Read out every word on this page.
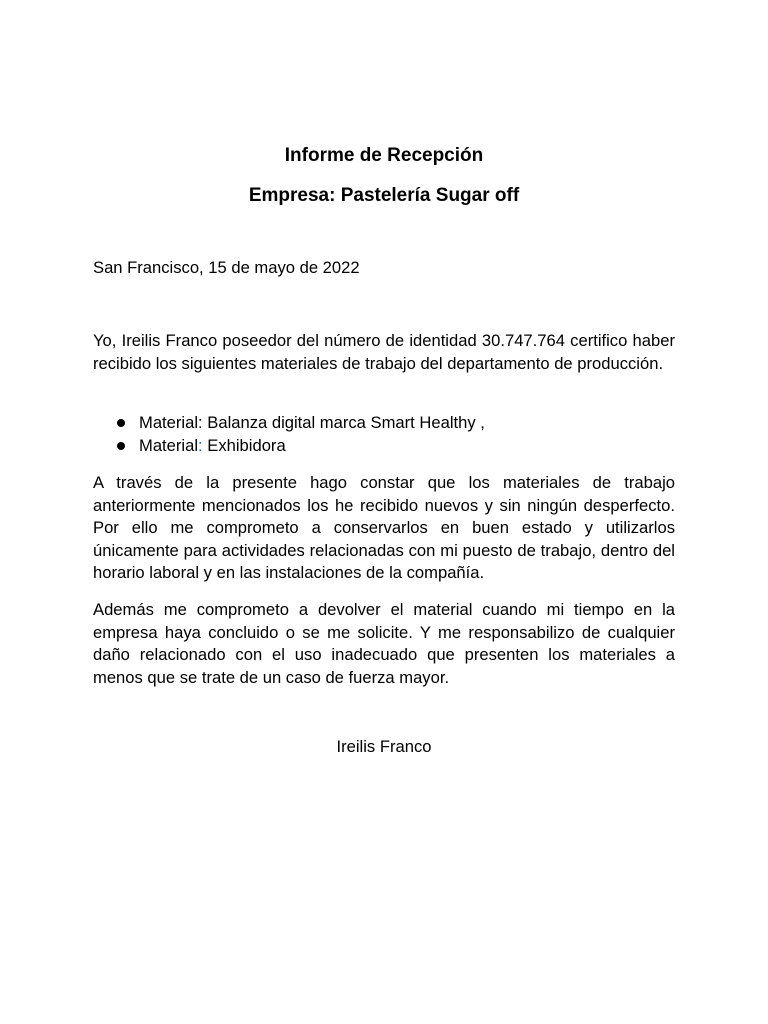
Informe de Recepción
Empresa: Pastelería Sugar off

San Francisco, 15 de mayo de 2022

Yo, Ireilis Franco poseedor del número de identidad 30.747.764 certifico haber recibido los siguientes materiales de trabajo del departamento de producción.

Material: Balanza digital marca Smart Healthy ,
Material: Exhibidora

A través de la presente hago constar que los materiales de trabajo anteriormente mencionados los he recibido nuevos y sin ningún desperfecto. Por ello me comprometo a conservarlos en buen estado y utilizarlos únicamente para actividades relacionadas con mi puesto de trabajo, dentro del horario laboral y en las instalaciones de la compañía.

Además me comprometo a devolver el material cuando mi tiempo en la empresa haya concluido o se me solicite. Y me responsabilizo de cualquier daño relacionado con el uso inadecuado que presenten los materiales a menos que se trate de un caso de fuerza mayor.

Ireilis Franco
